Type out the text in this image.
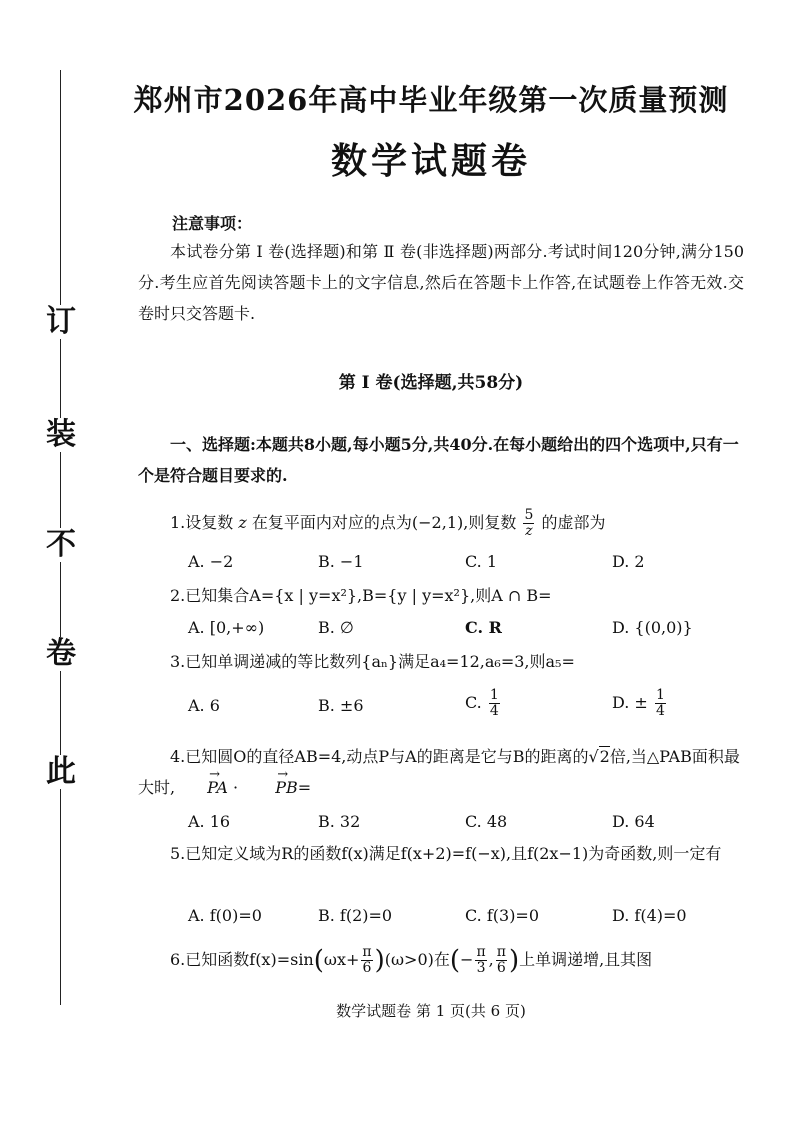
订
装
不
卷
此
郑州市2026年高中毕业年级第一次质量预测
数学试题卷
注意事项：
本试卷分第 Ⅰ 卷(选择题)和第 Ⅱ 卷(非选择题)两部分.考试时间120分钟,满分150分.考生应首先阅读答题卡上的文字信息,然后在答题卡上作答,在试题卷上作答无效.交卷时只交答题卡.
第 Ⅰ 卷(选择题,共58分)
一、选择题:本题共8小题,每小题5分,共40分.在每小题给出的四个选项中,只有一个是符合题目要求的.
1.设复数 z 在复平面内对应的点为(−2,1),则复数 $\frac{5}{z}$ 的虚部为
A. −2	B. −1	C. 1	D. 2
2.已知集合A={x | y=x²},B={y | y=x²},则A ∩ B=
A. [0,+∞)	B. ∅	C. R	D. {(0,0)}
3.已知单调递减的等比数列{aₙ}满足a₄=12,a₆=3,则a₅=
A. 6	B. ±6	C. $\frac{1}{4}$	D. ± $\frac{1}{4}$
4.已知圆O的直径AB=4,动点P与A的距离是它与B的距离的√2倍,当△PAB面积最大时,→ PA · → PB=
A. 16	B. 32	C. 48	D. 64
5.已知定义域为R的函数f(x)满足f(x+2)=f(−x),且f(2x−1)为奇函数,则一定有
A. f(0)=0	B. f(2)=0	C. f(3)=0	D. f(4)=0
6.已知函数$f(x)=\sin(\omega x+ \frac{\pi}{6} )(\omega>0)$在(− $\frac{\pi}{3}$ , $\frac{\pi}{6}$ )上单调递增,且其图
数学试题卷 第 1 页(共 6 页)
